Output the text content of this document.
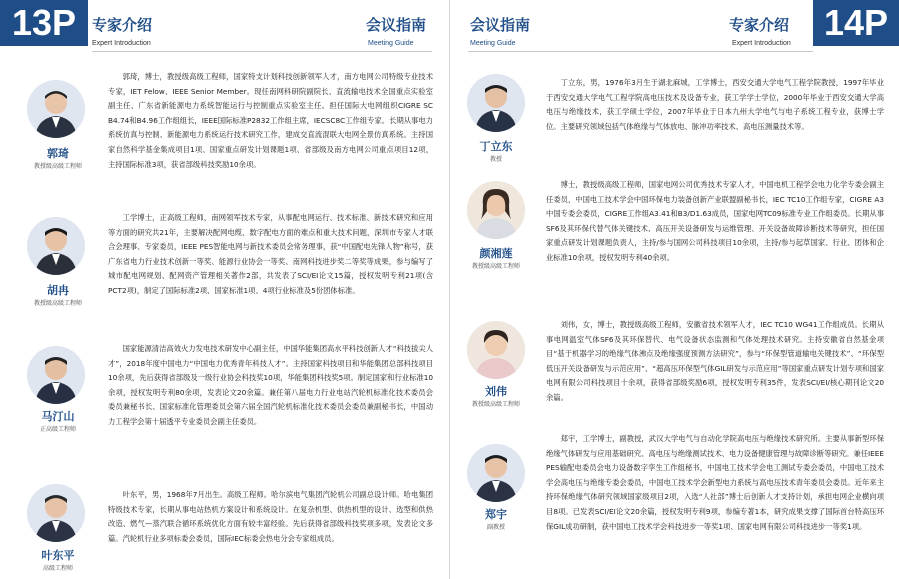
13P	专家介绍
Expert Introduction
会议指南
Meeting Guide
郭琦
教授级高级工程师
郭琦，博士，教授级高级工程师，国家特支计划科技创新领军人才，南方电网公司特级专业技术专家，IET Felow、IEEE Senior Member。现任南网科研院副院长、直流输电技术全国重点实验室副主任、广东省新能源电力系统智能运行与控制重点实验室主任。担任国际大电网组织CIGRE SC B4.74和B4.96工作组组长，IEEE国际标准P2832工作组主席，IECSC8C工作组专家。长期从事电力系统仿真与控制、新能源电力系统运行技术研究工作，建成交直流混联大电网全景仿真系统。主持国家自然科学基金集成项目1项、国家重点研发计划课题1项、省部级及南方电网公司重点项目12项，主持国际标准3项，获省部级科技奖励10余项。
胡冉
教授级高级工程师
工学博士，正高级工程师，南网领军技术专家，从事配电网运行、技术标准、新技术研究和应用等方面的研究共21年，主要解决配网电缆、数字配电方面的难点和重大技术问题，深圳市专家人才联合会理事、专家委员，IEEE PES智能电网与新技术委员会常务理事，获“中国配电先锋人物”称号，获广东省电力行业技术创新一等奖、能源行业协会一等奖、南网科技进步奖二等奖等成果，参与编写了城市配电网规划、配网资产管理相关著作2部，共发表了SCI/EI论文15篇，授权发明专利21项(含PCT2项)，制定了国际标准2项、国家标准1项、4项行业标准及5份团体标准。
马汀山
正高级工程师
国家能源清洁高效火力发电技术研发中心副主任，中国华能集团高水平科技创新人才“科技拔尖人才”，2018年度中国电力“中国电力优秀青年科技人才”。主持国家科技项目和华能集团总部科技项目10余项，先后获得省部级及一级行业协会科技奖10项，华能集团科技奖5项。制定国家和行业标准10余项，授权发明专利80余项，发表论文20余篇。兼任第八届电力行业电站汽轮机标准化技术委员会委员兼秘书长、国家标准化管理委员会第六届全国汽轮机标准化技术委员会委员兼副秘书长，中国动力工程学会第十届透平专业委员会副主任委员。
叶东平
高级工程师
叶东平，男，1968年7月出生。高级工程师。哈尔滨电气集团汽轮机公司副总设计师。哈电集团特级技术专家，长期从事电站热机方案设计和系统设计。在复杂机型、供热机型的设计、选型和供热改造、燃气—蒸汽联合循环系统优化方面有较丰富经验。先后获得省部级科技奖项多项，发表论文多篇。汽轮机行业多项标委会委员，国际IEC标委会热电分会专家组成员。
会议指南
Meeting Guide
专家介绍
Expert Introduction
14P
丁立东
教授
丁立东，男，1976年3月生于湖北麻城，工学博士，西安交通大学电气工程学院教授，1997年毕业于西安交通大学电气工程学院高电压技术及设备专业，获工学学士学位，2000年毕业于西安交通大学高电压与绝缘技术，获工学硕士学位，2007年毕业于日本九州大学电气与电子系统工程专业，获博士学位。主要研究领域包括气体绝缘与气体放电、脉冲功率技术、高电压测量技术等。
颜湘莲
教授级高级工程师
博士，教授级高级工程师，国家电网公司优秀技术专家人才，中国电机工程学会电力化学专委会副主任委员，中国电工技术学会中国环保电力装备创新产业联盟副秘书长，IEC TC10工作组专家，CIGRE A3中国专委会委员，CIGRE工作组A3.41和B3/D1.63成员，国家电网TC09标准专业工作组委员。长期从事SF6及其环保代替气体关键技术、高压开关设备研发与运维管理、开关设备故障诊断技术等研究，担任国家重点研发计划课题负责人，主持/参与国网公司科技项目10余项，主持/参与起草国家、行业、团体和企业标准10余项，授权发明专利40余项。
刘伟
教授级高级工程师
刘伟，女，博士，教授级高级工程师，安徽省技术领军人才，IEC TC10 WG41工作组成员。长期从事电网温室气体SF6及其环保替代、电气设备状态监测和气体处理技术研究。主持安徽省自然基金项目“基于机器学习的绝缘气体沸点及绝缘强度预测方法研究”，参与“环保型管道输电关键技术”、“环保型低压开关设备研发与示范应用”、“超高压环保型气体GIL研发与示范应用”等国家重点研发计划专项和国家电网有限公司科技项目十余项，获得省部级奖励6项，授权发明专利35件，发表SCI/EI/核心期刊论文20余篇。
郑宇
副教授
郑宇，工学博士，副教授，武汉大学电气与自动化学院高电压与绝缘技术研究所。主要从事新型环保绝缘气体研发与应用基础研究、高电压与绝缘测试技术、电力设备健康管理与故障诊断等研究。兼任IEEE PES输配电委员会电力设备数字孪生工作组秘书，中国电工技术学会电工测试专委会委员，中国电工技术学会高电压与绝缘专委会委员，中国电工技术学会新型电力系统与高电压技术青年委员会委员。近年来主持环保绝缘气体研究领域国家级项目2项，入选“人社部”博士后创新人才支持计划，承担电网企业横向项目8项。已发表SCI/EI论文20余篇，授权发明专利9项，参编专著1本，研究成果支撑了国际首台特高压环保GIL成功研制，获中国电工技术学会科技进步一等奖1项、国家电网有限公司科技进步一等奖1项。
